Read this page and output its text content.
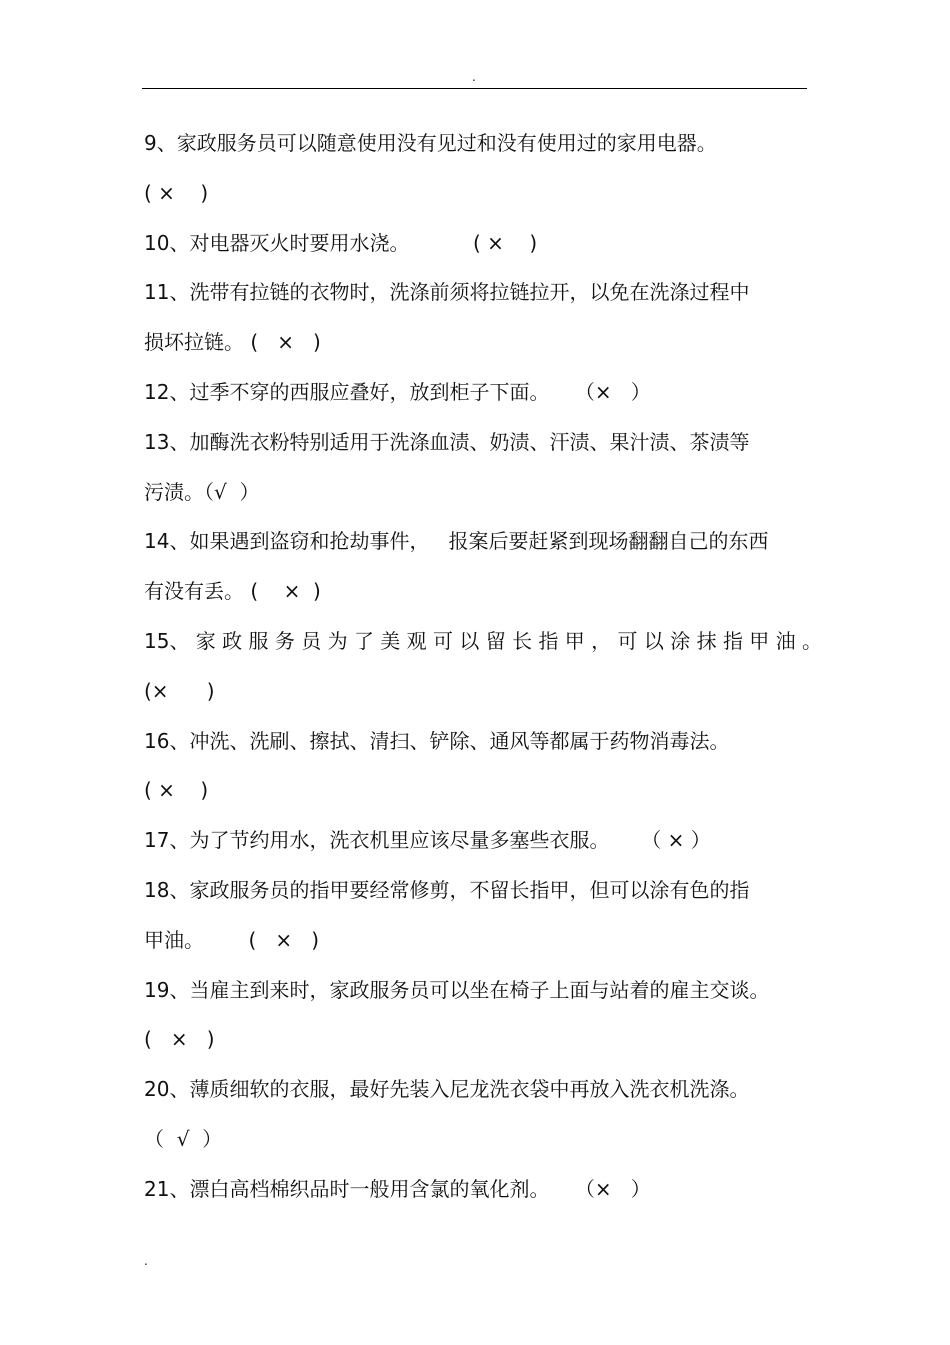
.
9、家政服务员可以随意使用没有见过和没有使用过的家用电器。
( ×    )
10、对电器灭火时要用水浇。          ( ×    )
11、洗带有拉链的衣物时，洗涤前须将拉链拉开，以免在洗涤过程中
损坏拉链。 (   ×   )
12、过季不穿的西服应叠好，放到柜子下面。    （×   ）
13、加酶洗衣粉特别适用于洗涤血渍、奶渍、汗渍、果汁渍、茶渍等
污渍。（√  ）
14、如果遇到盗窃和抢劫事件，   报案后要赶紧到现场翻翻自己的东西
有没有丢。 (    ×  )
15、 家 政 服 务 员 为 了 美 观 可 以 留 长 指 甲 ， 可 以 涂 抹 指 甲 油 。
(×      )
16、冲洗、洗刷、擦拭、清扫、铲除、通风等都属于药物消毒法。
( ×    )
17、为了节约用水，洗衣机里应该尽量多塞些衣服。     （ × ）
18、家政服务员的指甲要经常修剪，不留长指甲，但可以涂有色的指
甲油。       (   ×   )
19、当雇主到来时，家政服务员可以坐在椅子上面与站着的雇主交谈。
(   ×   )
20、薄质细软的衣服，最好先装入尼龙洗衣袋中再放入洗衣机洗涤。
（  √  ）
21、漂白高档棉织品时一般用含氯的氧化剂。    （×   ）
.
